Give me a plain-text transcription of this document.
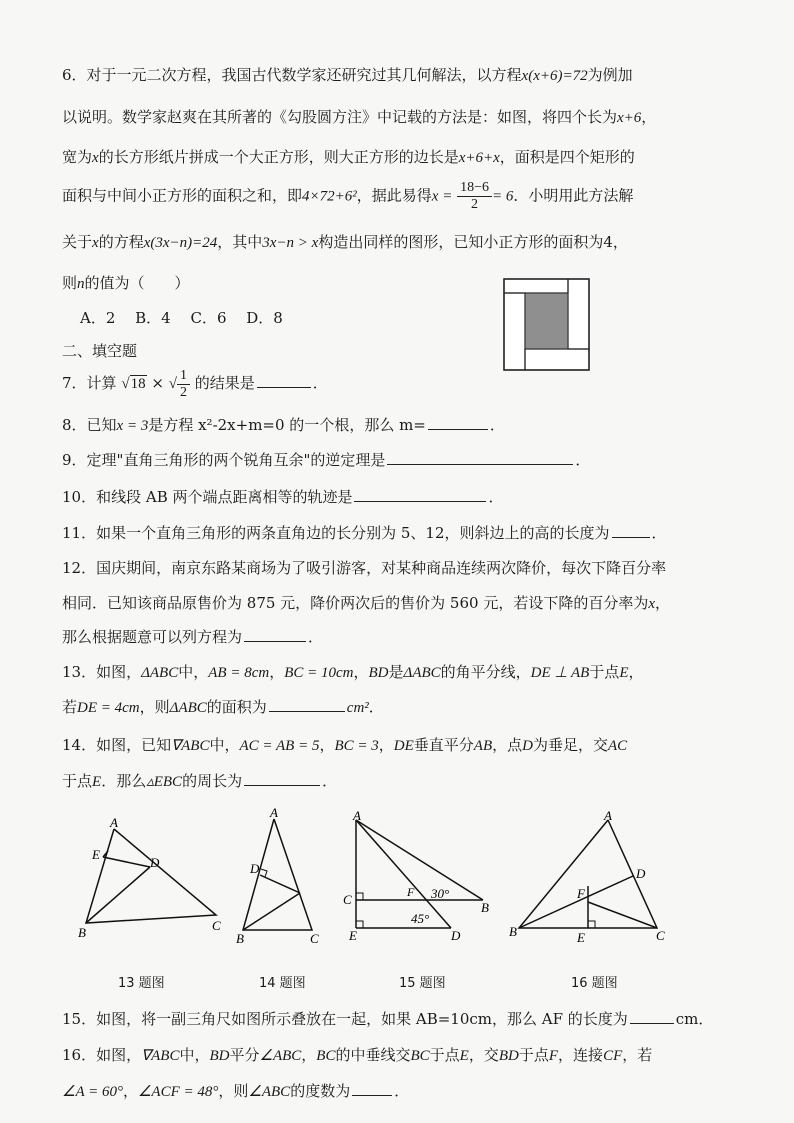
6．对于一元二次方程，我国古代数学家还研究过其几何解法，以方程x(x+6)=72为例加
以说明。数学家赵爽在其所著的《勾股圆方注》中记载的方法是：如图，将四个长为x+6，
宽为x的长方形纸片拼成一个大正方形，则大正方形的边长是x+6+x，面积是四个矩形的
面积与中间小正方形的面积之和，即4×72+6²，据此易得$x = \frac{18-6}{2} = 6$．小明用此方法解
关于x的方程x(3x−n)=24，其中3x−n > x构造出同样的图形，已知小正方形的面积为4，
则n的值为（　　）
A．2　 B．4　 C．6　 D．8
二、填空题
7．计算 √18 × √ $\frac{1}{2}$ 的结果是	．
8．已知x = 3是方程 x²-2x+m=0 的一个根，那么 m=	．
9．定理"直角三角形的两个锐角互余"的逆定理是	．
10．和线段 AB 两个端点距离相等的轨迹是	．
11．如果一个直角三角形的两条直角边的长分别为 5、12，则斜边上的高的长度为	．
12．国庆期间，南京东路某商场为了吸引游客，对某种商品连续两次降价，每次下降百分率
相同．已知该商品原售价为 875 元，降价两次后的售价为 560 元，若设下降的百分率为x，
那么根据题意可以列方程为	．
13．如图，ΔABC中，AB = 8cm，BC = 10cm，BD是ΔABC的角平分线，DE ⊥ AB于点E，
若DE = 4cm，则ΔABC的面积为	cm²．
14．如图，已知∇ABC中，AC = AB = 5，BC = 3，DE垂直平分AB，点D为垂足，交AC
于点E．那么▵EBC的周长为	．
A
E
D
B	C
A
D
B	C
A
C	F 30°
B
45°
E	D
A
D
F
B	E	C
13 题图	14 题图	15 题图	16 题图
15．如图，将一副三角尺如图所示叠放在一起，如果 AB=10cm，那么 AF 的长度为	cm．
16．如图，∇ABC中，BD平分∠ABC，BC的中垂线交BC于点E，交BD于点F，连接CF，若
∠A = 60°，∠ACF = 48°，则∠ABC的度数为	．
